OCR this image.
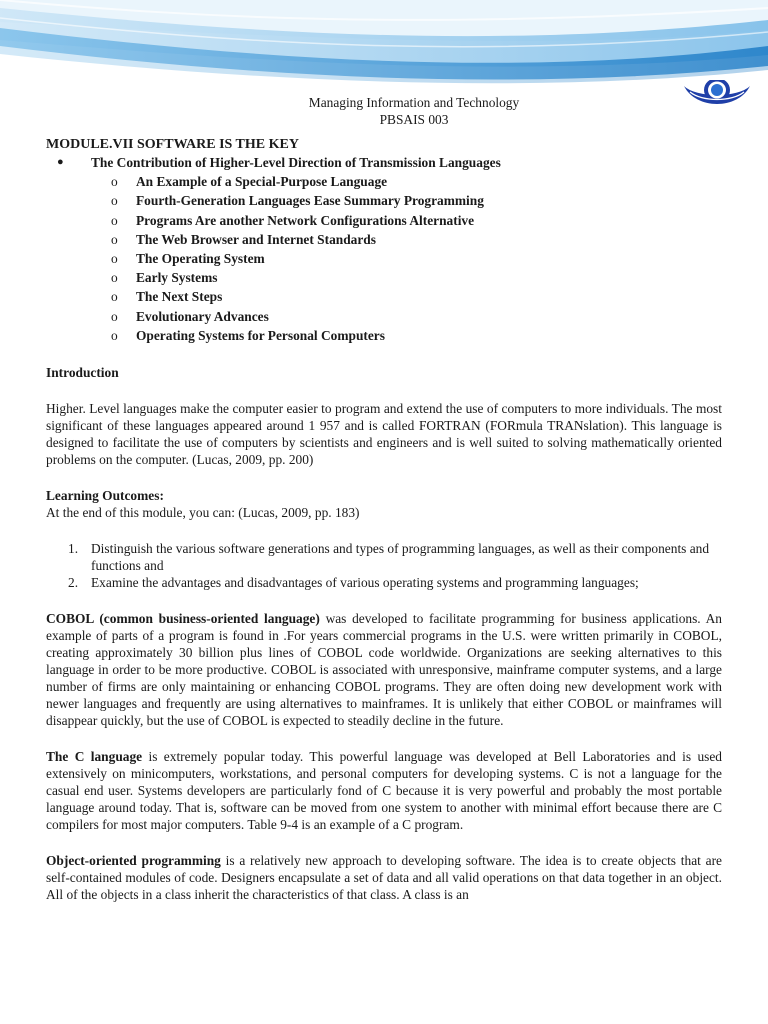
Managing Information and Technology
PBSAIS 003
MODULE.VII SOFTWARE IS THE KEY
● The Contribution of Higher-Level Direction of Transmission Languages
o An Example of a Special-Purpose Language
o Fourth-Generation Languages Ease Summary Programming
o Programs Are another Network Configurations Alternative
o The Web Browser and Internet Standards
o The Operating System
o Early Systems
o The Next Steps
o Evolutionary Advances
o Operating Systems for Personal Computers
Introduction

Higher. Level languages make the computer easier to program and extend the use of computers to more individuals. The most significant of these languages appeared around 1 957 and is called FORTRAN (FORmula TRANslation). This language is designed to facilitate the use of computers by scientists and engineers and is well suited to solving mathematically oriented problems on the computer. (Lucas, 2009, pp. 200)

Learning Outcomes:

At the end of this module, you can: (Lucas, 2009, pp. 183)

1. Distinguish the various software generations and types of programming languages, as well as their components and functions and
2. Examine the advantages and disadvantages of various operating systems and programming languages;

COBOL (common business-oriented language) was developed to facilitate programming for business applications. An example of parts of a program is found in .For years commercial programs in the U.S. were written primarily in COBOL, creating approximately 30 billion plus lines of COBOL code worldwide. Organizations are seeking alternatives to this language in order to be more productive. COBOL is associated with unresponsive, mainframe computer systems, and a large number of firms are only maintaining or enhancing COBOL programs. They are often doing new development work with newer languages and frequently are using alternatives to mainframes. It is unlikely that either COBOL or mainframes will disappear quickly, but the use of COBOL is expected to steadily decline in the future.

The C language is extremely popular today. This powerful language was developed at Bell Laboratories and is used extensively on minicomputers, workstations, and personal computers for developing systems. C is not a language for the casual end user. Systems developers are particularly fond of C because it is very powerful and probably the most portable language around today. That is, software can be moved from one system to another with minimal effort because there are C compilers for most major computers. Table 9-4 is an example of a C program.

Object-oriented programming is a relatively new approach to developing software. The idea is to create objects that are self-contained modules of code. Designers encapsulate a set of data and all valid operations on that data together in an object. All of the objects in a class inherit the characteristics of that class. A class is an
